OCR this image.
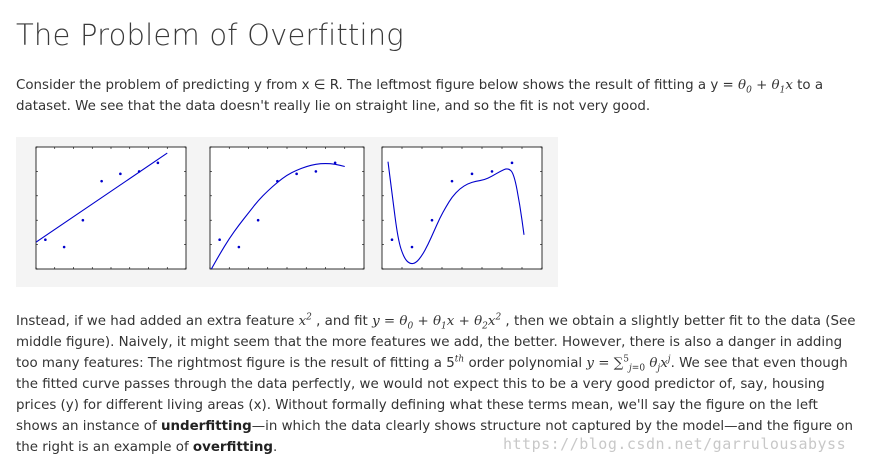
The Problem of Overfitting

Consider the problem of predicting y from x ∈ R. The leftmost figure below shows the result of fitting a $y = \theta_0 + \theta_1x$ to a dataset. We see that the data doesn't really lie on straight line, and so the fit is not very good.

Instead, if we had added an extra feature $x^2$ , and fit $y = \theta_0 + \theta_1x + \theta_2x^2$ , then we obtain a slightly better fit to the data (See middle figure). Naively, it might seem that the more features we add, the better. However, there is also a danger in adding too many features: The rightmost figure is the result of fitting a 5th order polynomial y = ∑$^5_{j=0}$ $\theta_jx^j$. We see that even though the fitted curve passes through the data perfectly, we would not expect this to be a very good predictor of, say, housing prices (y) for different living areas (x). Without formally defining what these terms mean, we'll say the figure on the left shows an instance of underfitting—in which the data clearly shows structure not captured by the model—and the figure on the right is an example of overfitting.	https://blog.csdn.net/garrulousabyss
